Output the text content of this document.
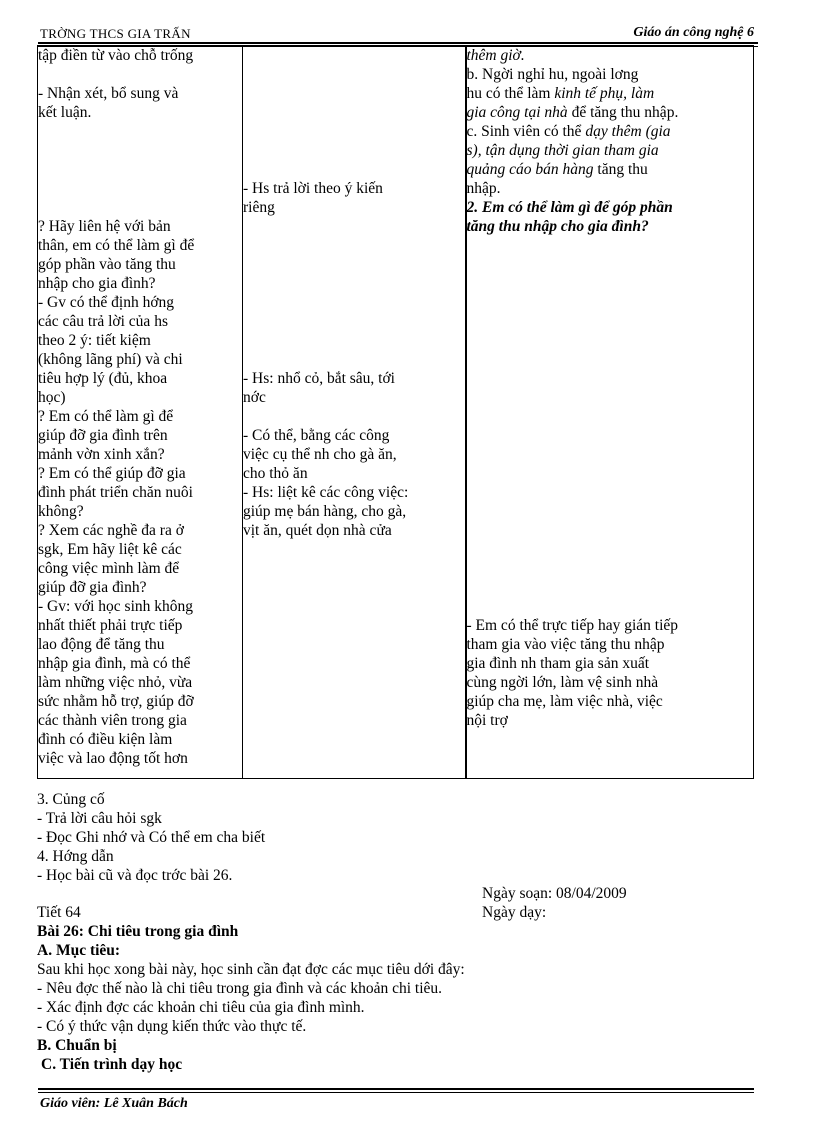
TRỜNG THCS GIA TRẤN	Giáo án công nghệ 6
tập điền từ vào chỗ trống
- Nhận xét, bổ sung và
kết luận.
? Hãy liên hệ với bản
thân, em có thể làm gì để
góp phần vào tăng thu
nhập cho gia đình?
- Gv có thể định hớng
các câu trả lời của hs
theo 2 ý: tiết kiệm
(không lãng phí) và chi
tiêu hợp lý (đủ, khoa
học)
? Em có thể làm gì để
giúp đỡ gia đình trên
mảnh vờn xinh xắn?
? Em có thể giúp đỡ gia
đình phát triển chăn nuôi
không?
? Xem các nghề đa ra ở
sgk, Em hãy liệt kê các
công việc mình làm để
giúp đỡ gia đình?
- Gv: với học sinh không
nhất thiết phải trực tiếp
lao động để tăng thu
nhập gia đình, mà có thể
làm những việc nhỏ, vừa
sức nhằm hỗ trợ, giúp đỡ
các thành viên trong gia
đình có điều kiện làm
việc và lao động tốt hơn

- Hs trả lời theo ý kiến
riêng
- Hs: nhổ cỏ, bắt sâu, tới
nớc
- Có thể, bằng các công
việc cụ thể nh cho gà ăn,
cho thỏ ăn
- Hs: liệt kê các công việc:
giúp mẹ bán hàng, cho gà,
vịt ăn, quét dọn nhà cửa

thêm giờ.
b. Ngời nghỉ hu, ngoài lơng
hu có thể làm kinh tế phụ, làm
gia công tại nhà để tăng thu nhập.
c. Sinh viên có thể dạy thêm (gia
s), tận dụng thời gian tham gia
quảng cáo bán hàng tăng thu
nhập.
2. Em có thể làm gì để góp phần
tăng thu nhập cho gia đình?
- Em có thể trực tiếp hay gián tiếp
tham gia vào việc tăng thu nhập
gia đình nh tham gia sản xuất
cùng ngời lớn, làm vệ sinh nhà
giúp cha mẹ, làm việc nhà, việc
nội trợ
3. Củng cố
- Trả lời câu hỏi sgk
- Đọc Ghi nhớ và Có thể em cha biết
4. Hớng dẫn
- Học bài cũ và đọc trớc bài 26.
Ngày soạn: 08/04/2009
Ngày dạy:
Tiết 64
Bài 26: Chi tiêu trong gia đình
A. Mục tiêu:
Sau khi học xong bài này, học sinh cần đạt đợc các mục tiêu dới đây:
- Nêu đợc thế nào là chi tiêu trong gia đình và các khoản chi tiêu.
- Xác định đợc các khoản chi tiêu của gia đình mình.
- Có ý thức vận dụng kiến thức vào thực tế.
B. Chuẩn bị
C. Tiến trình dạy học
Giáo viên: Lê Xuân Bách
